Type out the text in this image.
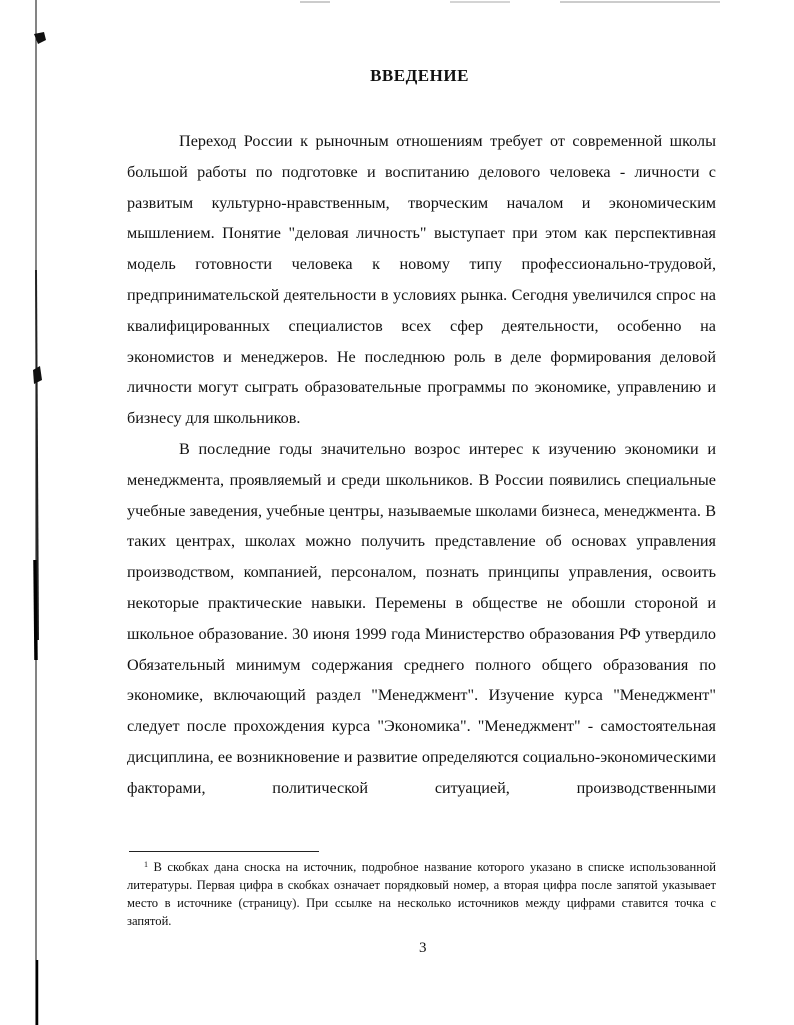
ВВЕДЕНИЕ

Переход России к рыночным отношениям требует от современной школы большой работы по подготовке и воспитанию делового человека - личности с развитым культурно-нравственным, творческим началом и экономическим мышлением. Понятие "деловая личность" выступает при этом как перспективная модель готовности человека к новому типу профессионально-трудовой, предпринимательской деятельности в условиях рынка. Сегодня увеличился спрос на квалифицированных специалистов всех сфер деятельности, особенно на экономистов и менеджеров. Не последнюю роль в деле формирования деловой личности могут сыграть образовательные программы по экономике, управлению и бизнесу для школьников.

В последние годы значительно возрос интерес к изучению экономики и менеджмента, проявляемый и среди школьников. В России появились специальные учебные заведения, учебные центры, называемые школами бизнеса, менеджмента. В таких центрах, школах можно получить представление об основах управления производством, компанией, персоналом, познать принципы управления, освоить некоторые практические навыки. Перемены в обществе не обошли стороной и школьное образование. 30 июня 1999 года Министерство образования РФ утвердило Обязательный минимум содержания среднего полного общего образования по экономике, включающий раздел "Менеджмент". Изучение курса "Менеджмент" следует после прохождения курса "Экономика". "Менеджмент" - самостоятельная дисциплина, ее возникновение и развитие определяются социально-экономическими факторами, политической ситуацией, производственными

$^1$ В скобках дана сноска на источник, подробное название которого указано в списке использованной литературы. Первая цифра в скобках означает порядковый номер, а вторая цифра после запятой указывает место в источнике (страницу). При ссылке на несколько источников между цифрами ставится точка с запятой.
3
